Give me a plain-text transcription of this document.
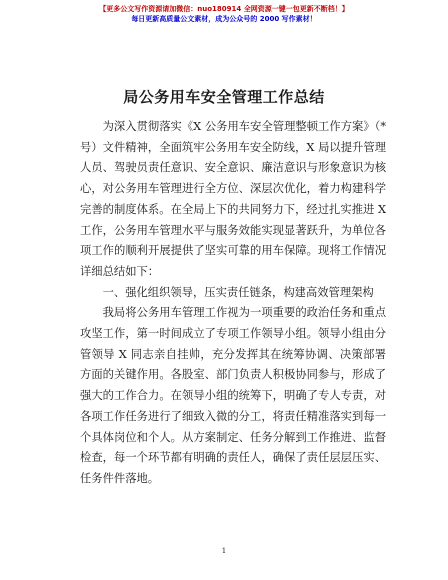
【更多公文写作资源请加微信：nuo180914 全网资源一键一包更新不断档！】
每日更新高质量公文素材，成为公众号的 2000 写作素材！
局公务用车安全管理工作总结

为深入贯彻落实《X 公务用车安全管理整顿工作方案》（*号）文件精神，全面筑牢公务用车安全防线，X 局以提升管理人员、驾驶员责任意识、安全意识、廉洁意识与形象意识为核心，对公务用车管理进行全方位、深层次优化，着力构建科学完善的制度体系。在全局上下的共同努力下，经过扎实推进 X 工作，公务用车管理水平与服务效能实现显著跃升，为单位各项工作的顺利开展提供了坚实可靠的用车保障。现将工作情况详细总结如下：

一、强化组织领导，压实责任链条，构建高效管理架构

我局将公务用车管理工作视为一项重要的政治任务和重点攻坚工作，第一时间成立了专项工作领导小组。领导小组由分管领导 X 同志亲自挂帅，充分发挥其在统筹协调、决策部署方面的关键作用。各股室、部门负责人积极协同参与，形成了强大的工作合力。在领导小组的统筹下，明确了专人专责，对各项工作任务进行了细致入微的分工，将责任精准落实到每一个具体岗位和个人。从方案制定、任务分解到工作推进、监督检查，每一个环节都有明确的责任人，确保了责任层层压实、任务件件落地。

1
